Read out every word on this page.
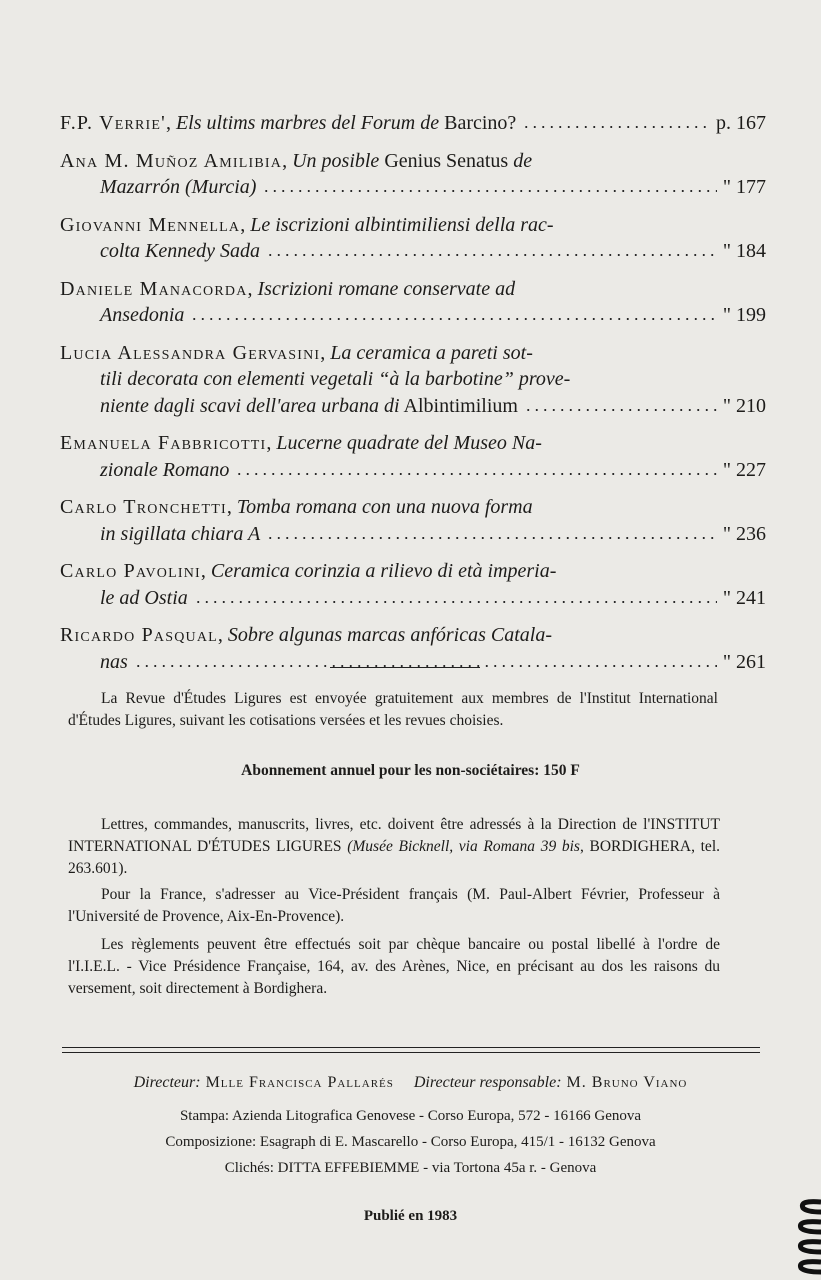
F.P. Verrie' , Els ultims marbres del Forum de Barcino?	p. 167
Ana M. Muñoz Amilibia , Un posible Genius Senatus de
Mazarrón (Murcia)	" 177
Giovanni Mennella , Le iscrizioni albintimiliensi della rac-
colta Kennedy Sada	" 184
Daniele Manacorda , Iscrizioni romane conservate ad
Ansedonia	" 199
Lucia Alessandra Gervasini , La ceramica a pareti sot-
tili decorata con elementi vegetali “à la barbotine” prove-
niente dagli scavi dell'area urbana di Albintimilium	" 210
Emanuela Fabbricotti , Lucerne quadrate del Museo Na-
zionale Romano	" 227
Carlo Tronchetti , Tomba romana con una nuova forma
in sigillata chiara A	" 236
Carlo Pavolini , Ceramica corinzia a rilievo di età imperia-
le ad Ostia	" 241
Ricardo Pasqual , Sobre algunas marcas anfóricas Catala-
nas	" 261
La Revue d'Études Ligures est envoyée gratuitement aux membres de l'Institut International d'Études Ligures, suivant les cotisations versées et les revues choisies.
Abonnement annuel pour les non-sociétaires: 150 F
Lettres, commandes, manuscrits, livres, etc. doivent être adressés à la Direction de l'INSTITUT INTERNATIONAL D'ÉTUDES LIGURES (Musée Bicknell, via Romana 39 bis, BORDIGHERA, tel. 263.601).
Pour la France, s'adresser au Vice-Président français (M. Paul-Albert Février, Professeur à l'Université de Provence, Aix-En-Provence).
Les règlements peuvent être effectués soit par chèque bancaire ou postal libellé à l'ordre de l'I.I.E.L. - Vice Présidence Française, 164, av. des Arènes, Nice, en précisant au dos les raisons du versement, soit directement à Bordighera.
Directeur: Mlle Francisca Pallarés Directeur responsable: M. Bruno Viano
Stampa: Azienda Litografica Genovese - Corso Europa, 572 - 16166 Genova
Composizione: Esagraph di E. Mascarello - Corso Europa, 415/1 - 16132 Genova
Clichés: DITTA EFFEBIEMME - via Tortona 45a r. - Genova
Publié en 1983
